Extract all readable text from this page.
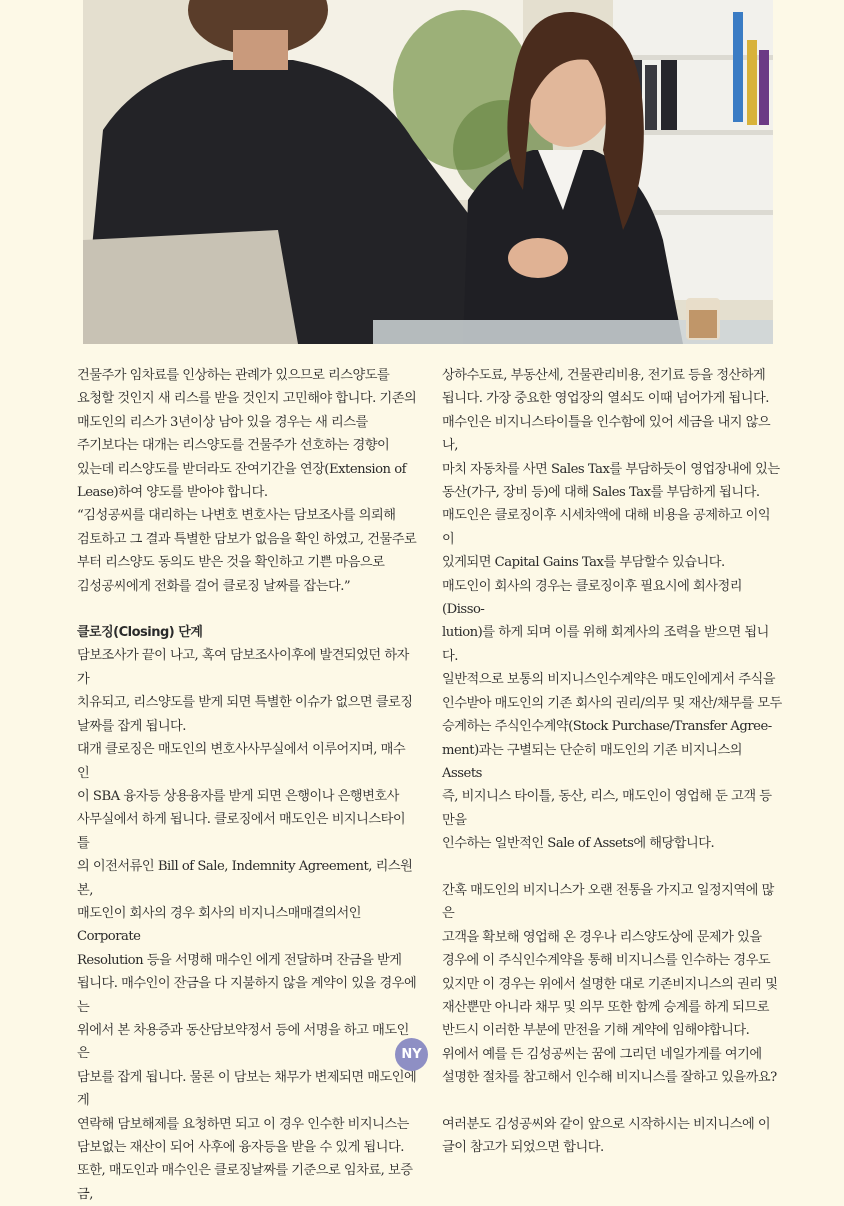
건물주가 임차료를 인상하는 관례가 있으므로 리스양도를
요청할 것인지 새 리스를 받을 것인지 고민해야 합니다. 기존의
매도인의 리스가 3년이상 남아 있을 경우는 새 리스를
주기보다는 대개는 리스양도를 건물주가 선호하는 경향이
있는데 리스양도를 받더라도 잔여기간을 연장(Extension of
Lease)하여 양도를 받아야 합니다.

“김성공씨를 대리하는 나변호 변호사는 담보조사를 의뢰해
검토하고 그 결과 특별한 담보가 없음을 확인 하였고, 건물주로
부터 리스양도 동의도 받은 것을 확인하고 기쁜 마음으로
김성공씨에게 전화를 걸어 클로징 날짜를 잡는다.”

클로징(Closing) 단계

담보조사가 끝이 나고, 혹여 담보조사이후에 발견되었던 하자가
치유되고, 리스양도를 받게 되면 특별한 이슈가 없으면 클로징
날짜를 잡게 됩니다.

대개 클로징은 매도인의 변호사사무실에서 이루어지며, 매수인
이 SBA 융자등 상용융자를 받게 되면 은행이나 은행변호사
사무실에서 하게 됩니다. 클로징에서 매도인은 비지니스타이틀
의 이전서류인 Bill of Sale, Indemnity Agreement, 리스원본,
매도인이 회사의 경우 회사의 비지니스매매결의서인 Corporate
Resolution 등을 서명해 매수인 에게 전달하며 잔금을 받게
됩니다. 매수인이 잔금을 다 지불하지 않을 계약이 있을 경우에는
위에서 본 차용증과 동산담보약정서 등에 서명을 하고 매도인은
담보를 잡게 됩니다. 물론 이 담보는 채무가 변제되면 매도인에게
연락해 담보해제를 요청하면 되고 이 경우 인수한 비지니스는
담보없는 재산이 되어 사후에 융자등을 받을 수 있게 됩니다.
또한, 매도인과 매수인은 클로징날짜를 기준으로 임차료, 보증금,

상하수도료, 부동산세, 건물관리비용, 전기료 등을 정산하게
됩니다. 가장 중요한 영업장의 열쇠도 이때 넘어가게 됩니다.
매수인은 비지니스타이틀을 인수함에 있어 세금을 내지 않으나,
마치 자동차를 사면 Sales Tax를 부담하듯이 영업장내에 있는
동산(가구, 장비 등)에 대해 Sales Tax를 부담하게 됩니다.
매도인은 클로징이후 시세차액에 대해 비용을 공제하고 이익이
있게되면 Capital Gains Tax를 부담할수 있습니다.
매도인이 회사의 경우는 클로징이후 필요시에 회사정리(Disso-
lution)를 하게 되며 이를 위해 회계사의 조력을 받으면 됩니다.
일반적으로 보통의 비지니스인수계약은 매도인에게서 주식을
인수받아 매도인의 기존 회사의 권리/의무 및 재산/채무를 모두
승계하는 주식인수계약(Stock Purchase/Transfer Agree-
ment)과는 구별되는 단순히 매도인의 기존 비지니스의 Assets
즉, 비지니스 타이틀, 동산, 리스, 매도인이 영업해 둔 고객 등만을
인수하는 일반적인 Sale of Assets에 해당합니다.

간혹 매도인의 비지니스가 오랜 전통을 가지고 일정지역에 많은
고객을 확보해 영업해 온 경우나 리스양도상에 문제가 있을
경우에 이 주식인수계약을 통해 비지니스를 인수하는 경우도
있지만 이 경우는 위에서 설명한 대로 기존비지니스의 권리 및
재산뿐만 아니라 채무 및 의무 또한 함께 승계를 하게 되므로
반드시 이러한 부분에 만전을 기해 계약에 임해야합니다.
위에서 예를 든 김성공씨는 꿈에 그리던 네일가게를 여기에
설명한 절차를 참고해서 인수해 비지니스를 잘하고 있을까요?

여러분도 김성공씨와 같이 앞으로 시작하시는 비지니스에 이
글이 참고가 되었으면 합니다.

NY
